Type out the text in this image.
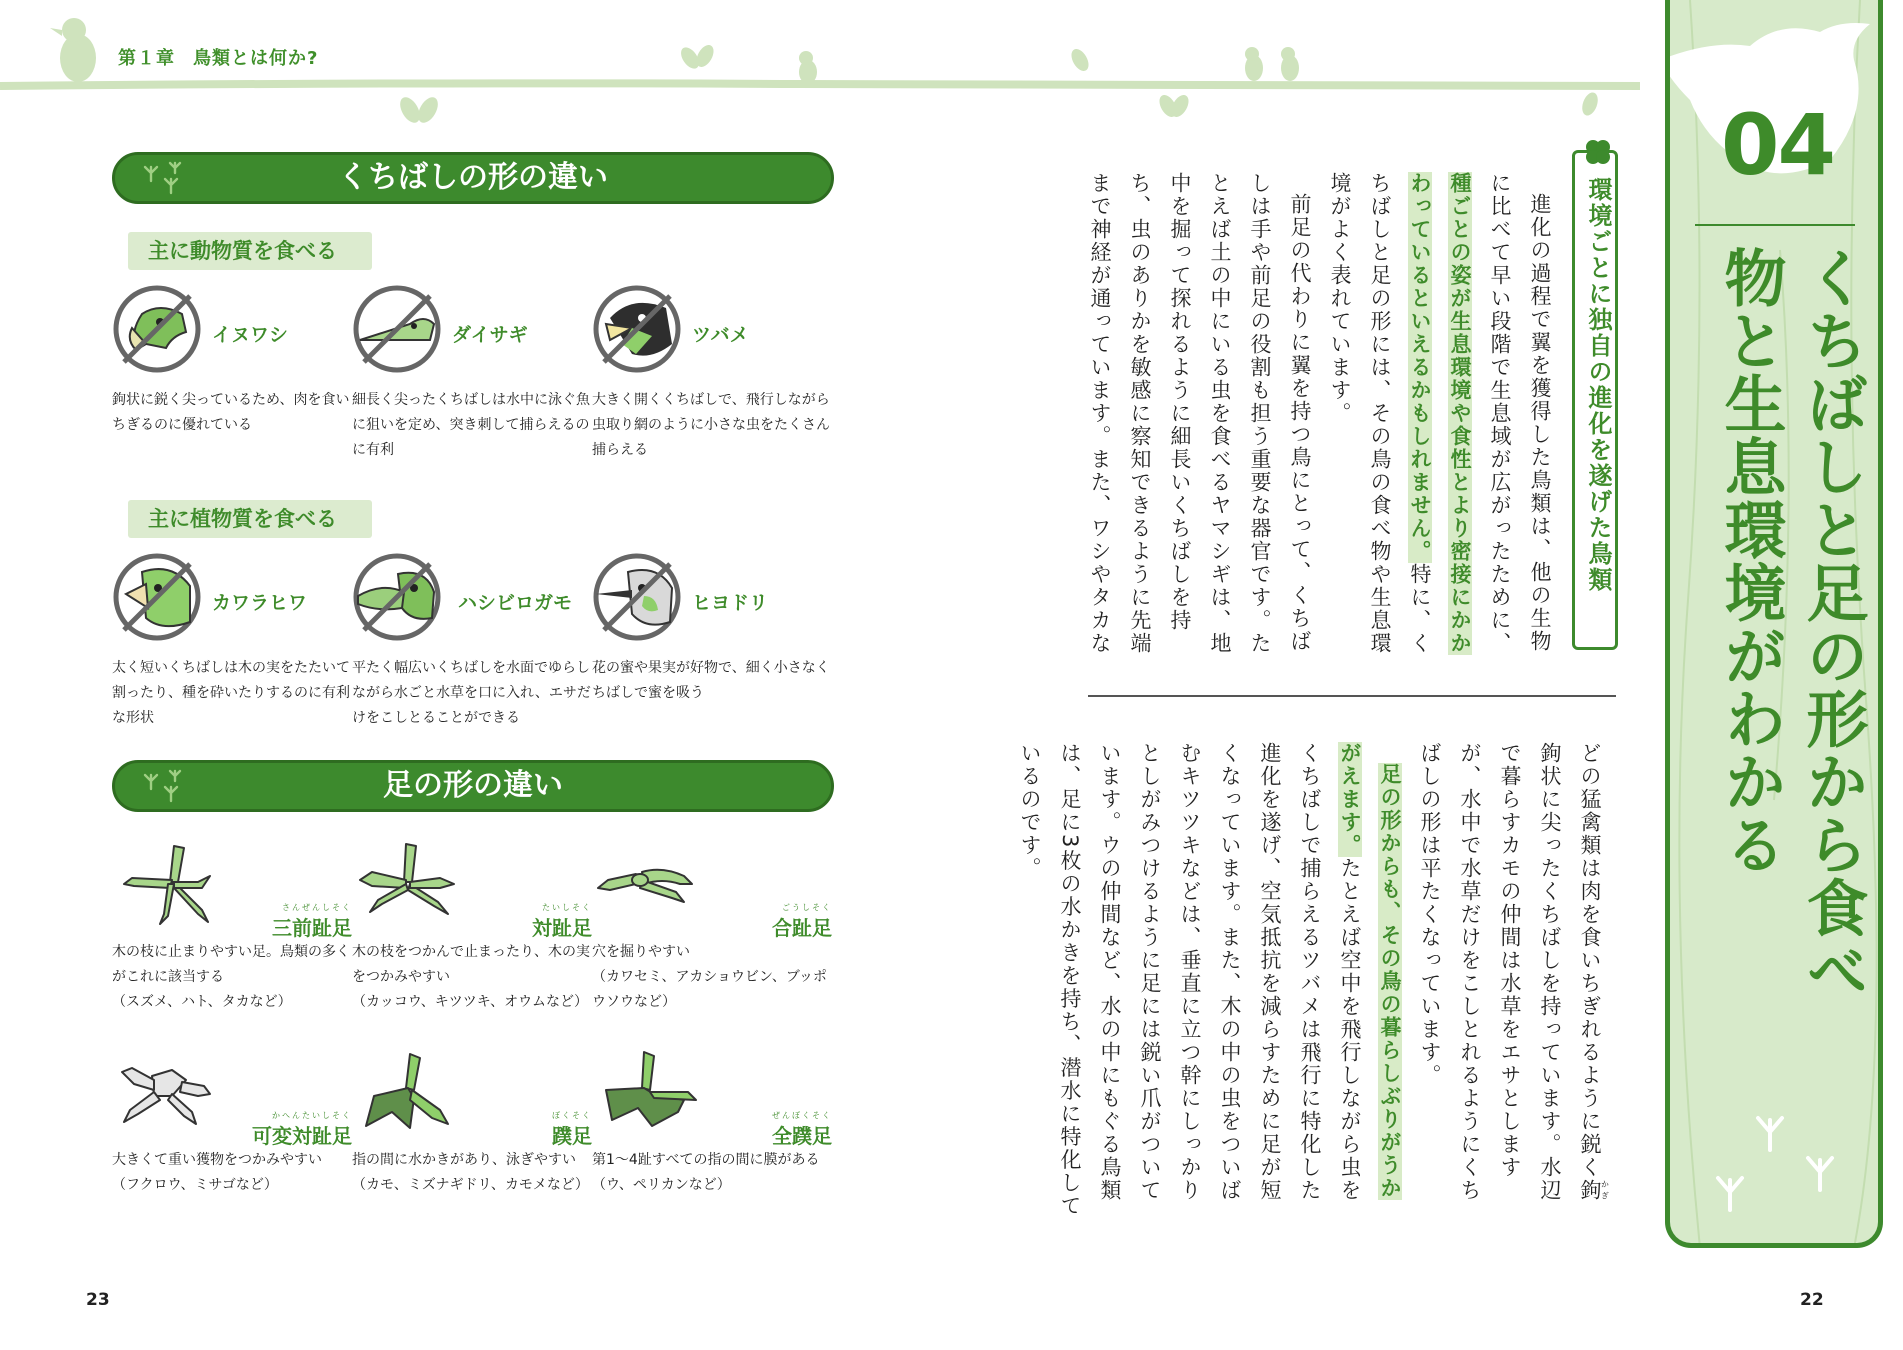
第１章 鳥類とは何か?
くちばしの形の違い
主に動物質を食べる
イヌワシ
鉤状に鋭く尖っているため、肉を食いちぎるのに優れている
ダイサギ
細長く尖ったくちばしは水中に泳ぐ魚に狙いを定め、突き刺して捕らえるのに有利
ツバメ
大きく開くくちばしで、飛行しながら虫取り網のように小さな虫をたくさん捕らえる
主に植物質を食べる
カワラヒワ
太く短いくちばしは木の実をたたいて割ったり、種を砕いたりするのに有利な形状
ハシビロガモ
平たく幅広いくちばしを水面でゆらしながら水ごと水草を口に入れ、エサだけをこしとることができる
ヒヨドリ
花の蜜や果実が好物で、細く小さなくちばしで蜜を吸う
足の形の違い
さんぜんしそく
三前趾足
木の枝に止まりやすい足。鳥類の多くがこれに該当する
（スズメ、ハト、タカなど）
たいしそく
対趾足
木の枝をつかんで止まったり、木の実をつかみやすい
（カッコウ、キツツキ、オウムなど）
ごうしそく
合趾足
穴を掘りやすい
（カワセミ、アカショウビン、ブッポウソウなど）
かへんたいしそく
可変対趾足
大きくて重い獲物をつかみやすい
（フクロウ、ミサゴなど）
ぼくそく
蹼足
指の間に水かきがあり、泳ぎやすい
（カモ、ミズナギドリ、カモメなど）
ぜんぼくそく
全蹼足
第1〜4趾すべての指の間に膜がある
（ウ、ペリカンなど）
23
環境ごとに独自の進化を遂げた鳥類
進化の過程で翼を獲得した鳥類は、他の生物に比べて早い段階で生息域が広がったために、種ごとの姿が生息環境や食性とより密接にかかわっているといえるかもしれません。特に、くちばしと足の形には、その鳥の食べ物や生息環境がよく表れています。
前足の代わりに翼を持つ鳥にとって、くちばしは手や前足の役割も担う重要な器官です。たとえば土の中にいる虫を食べるヤマシギは、地中を掘って探れるように細長いくちばしを持ち、虫のありかを敏感に察知できるように先端まで神経が通っています。また、ワシやタカな
どの猛禽類は肉を食いちぎれるように鋭く鉤かぎ鉤状に尖ったくちばしを持っています。水辺で暮らすカモの仲間は水草をエサとしますが、水中で水草だけをこしとれるようにくちばしの形は平たくなっています。
足の形からも、その鳥の暮らしぶりがうかがえます。たとえば空中を飛行しながら虫をくちばしで捕らえるツバメは飛行に特化した進化を遂げ、空気抵抗を減らすために足が短くなっています。また、木の中の虫をついばむキツツキなどは、垂直に立つ幹にしっかりとしがみつけるように足には鋭い爪がついています。ウの仲間など、水の中にもぐる鳥類は、足に3枚の水かきを持ち、潜水に特化しているのです。
04
くちばしと足の形から食べ物と生息環境がわかる
22
